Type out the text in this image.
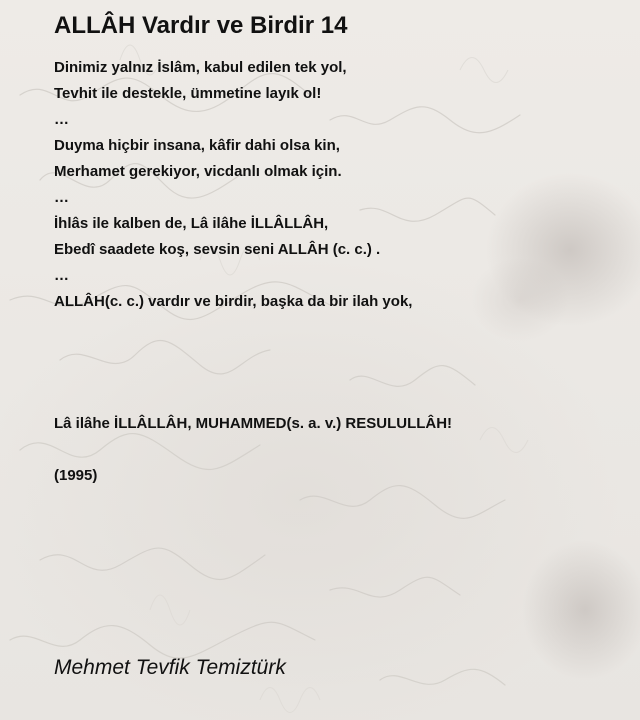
ALLÂH Vardır ve Birdir 14
Dinimiz yalnız İslâm, kabul edilen tek yol,
Tevhit ile destekle, ümmetine layık ol!
…
Duyma hiçbir insana, kâfir dahi olsa kin,
Merhamet gerekiyor, vicdanlı olmak için.
…
İhlâs ile kalben de, Lâ ilâhe İLLÂLLÂH,
Ebedî saadete koş, sevsin seni ALLÂH (c. c.) .
…
ALLÂH(c. c.) vardır ve birdir, başka da bir ilah yok,
Lâ ilâhe İLLÂLLÂH, MUHAMMED(s. a. v.) RESULULLÂH!
(1995)
Mehmet Tevfik Temiztürk
